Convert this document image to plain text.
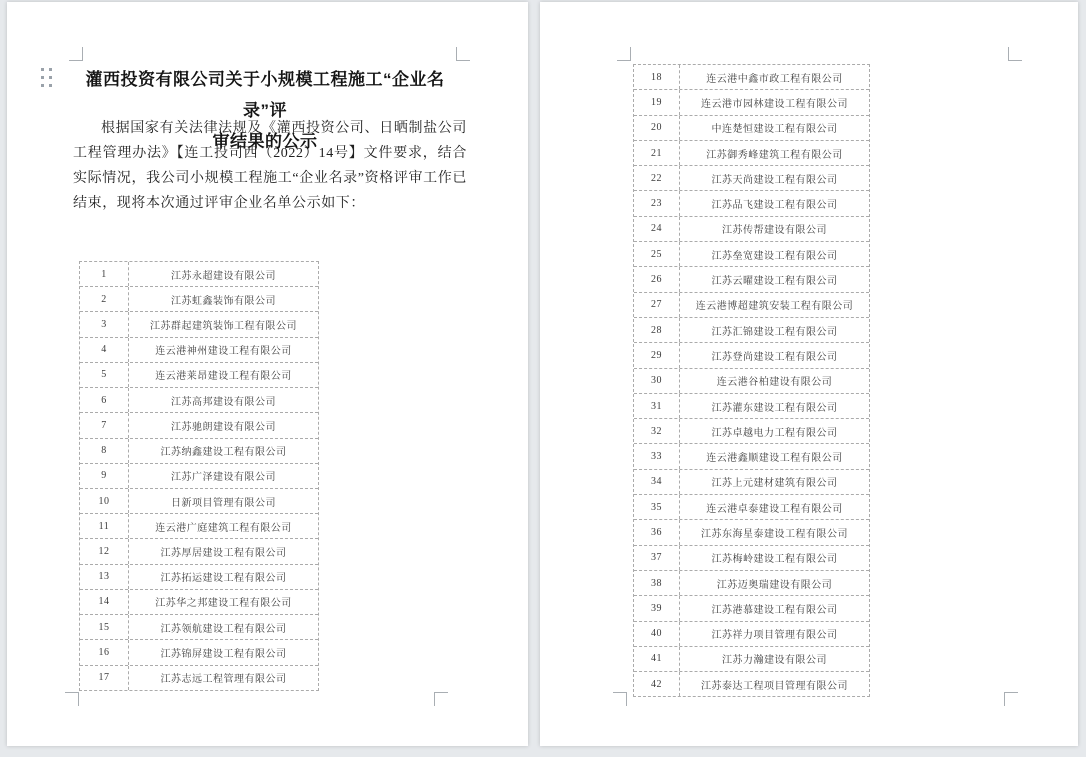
灌西投资有限公司关于小规模工程施工“企业名录”评
审结果的公示
根据国家有关法律法规及《灌西投资公司、日晒制盐公司工程管理办法》【连工投司西（2022）14号】文件要求，结合实际情况，我公司小规模工程施工“企业名录”资格评审工作已结束，现将本次通过评审企业名单公示如下：
1	江苏永超建设有限公司
2	江苏虹鑫装饰有限公司
3	江苏群起建筑装饰工程有限公司
4	连云港神州建设工程有限公司
5	连云港莱昂建设工程有限公司
6	江苏高邦建设有限公司
7	江苏驰朗建设有限公司
8	江苏纳鑫建设工程有限公司
9	江苏广泽建设有限公司
10	日新项目管理有限公司
11	连云港广庭建筑工程有限公司
12	江苏厚居建设工程有限公司
13	江苏拓运建设工程有限公司
14	江苏华之邦建设工程有限公司
15	江苏领航建设工程有限公司
16	江苏锦屏建设工程有限公司
17	江苏志远工程管理有限公司
18	连云港中鑫市政工程有限公司
19	连云港市园林建设工程有限公司
20	中连楚恒建设工程有限公司
21	江苏御秀峰建筑工程有限公司
22	江苏天尚建设工程有限公司
23	江苏品飞建设工程有限公司
24	江苏传帮建设有限公司
25	江苏垒宽建设工程有限公司
26	江苏云曜建设工程有限公司
27	连云港博超建筑安装工程有限公司
28	江苏汇锦建设工程有限公司
29	江苏登尚建设工程有限公司
30	连云港谷柏建设有限公司
31	江苏灌东建设工程有限公司
32	江苏卓越电力工程有限公司
33	连云港鑫顺建设工程有限公司
34	江苏上元建材建筑有限公司
35	连云港卓泰建设工程有限公司
36	江苏东海星泰建设工程有限公司
37	江苏梅岭建设工程有限公司
38	江苏迈奥瑞建设有限公司
39	江苏港慕建设工程有限公司
40	江苏祥力项目管理有限公司
41	江苏力瀚建设有限公司
42	江苏泰达工程项目管理有限公司
